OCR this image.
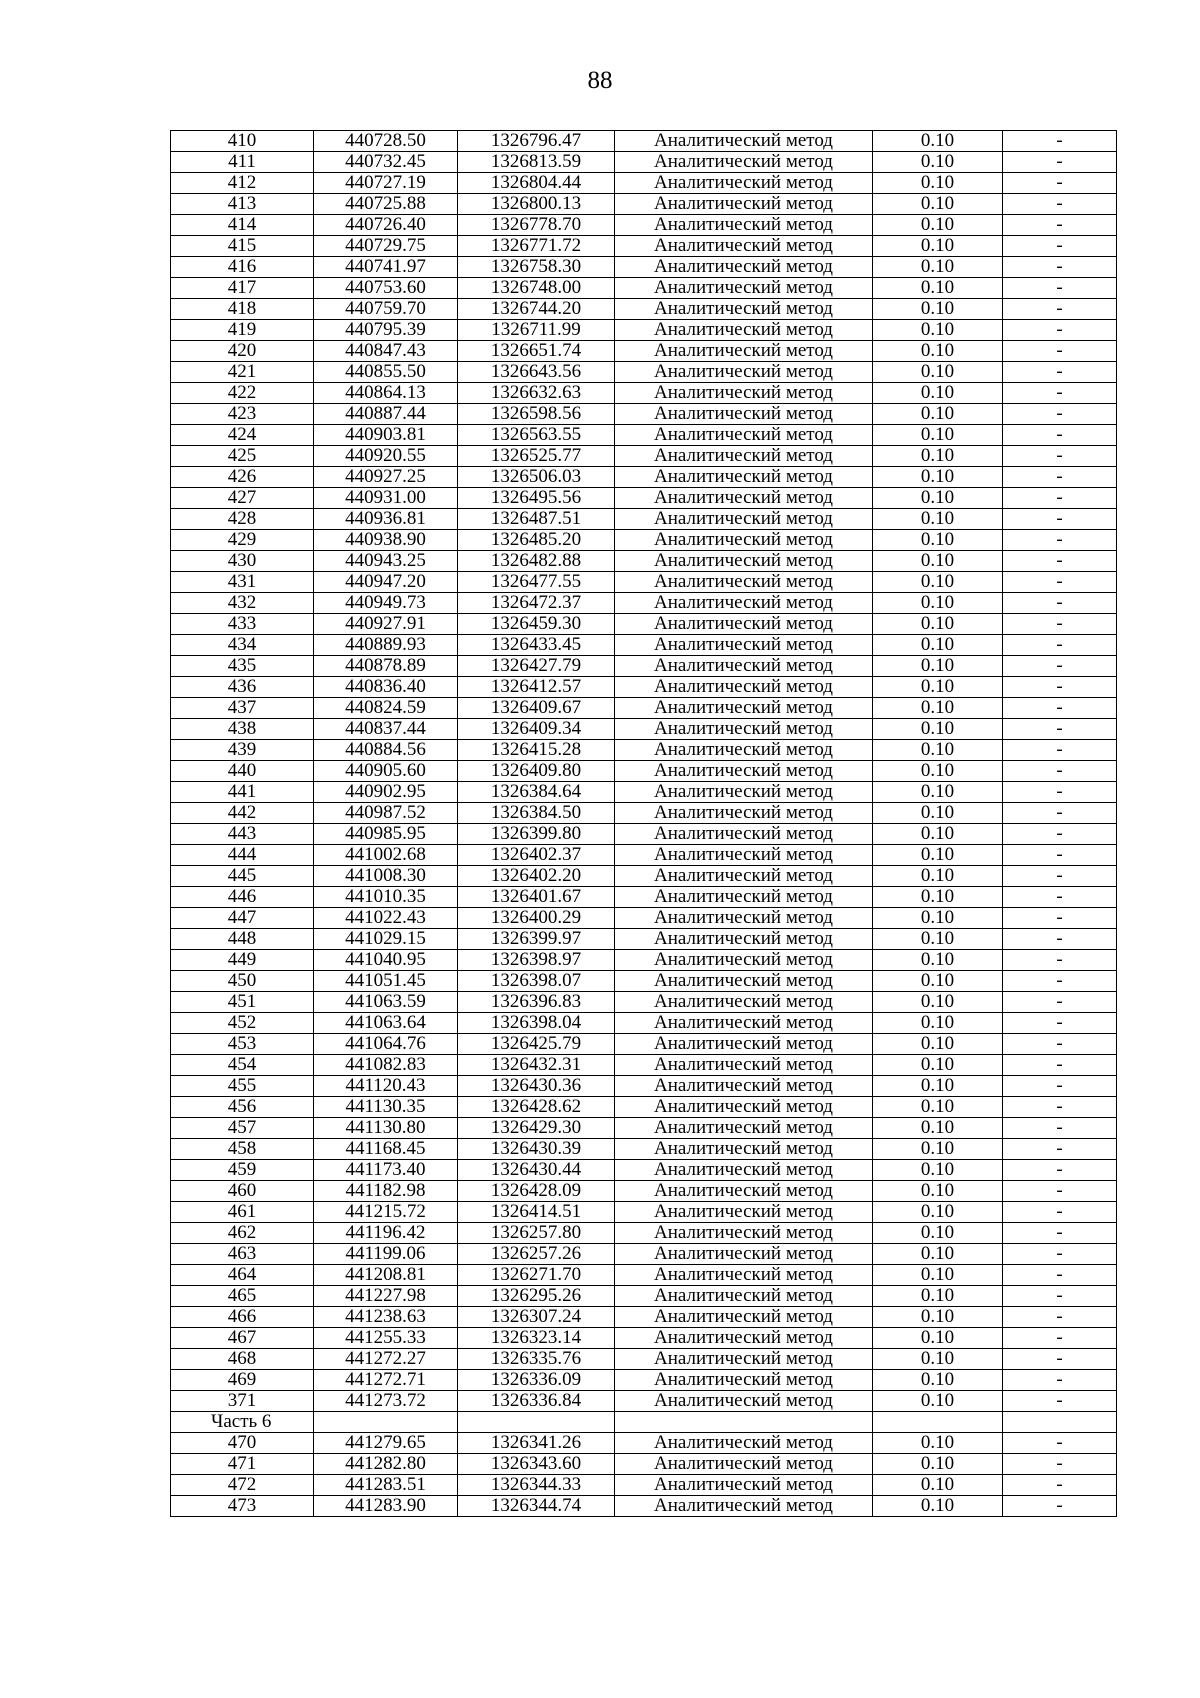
88
410	440728.50	1326796.47	Аналитический метод	0.10	-
411	440732.45	1326813.59	Аналитический метод	0.10	-
412	440727.19	1326804.44	Аналитический метод	0.10	-
413	440725.88	1326800.13	Аналитический метод	0.10	-
414	440726.40	1326778.70	Аналитический метод	0.10	-
415	440729.75	1326771.72	Аналитический метод	0.10	-
416	440741.97	1326758.30	Аналитический метод	0.10	-
417	440753.60	1326748.00	Аналитический метод	0.10	-
418	440759.70	1326744.20	Аналитический метод	0.10	-
419	440795.39	1326711.99	Аналитический метод	0.10	-
420	440847.43	1326651.74	Аналитический метод	0.10	-
421	440855.50	1326643.56	Аналитический метод	0.10	-
422	440864.13	1326632.63	Аналитический метод	0.10	-
423	440887.44	1326598.56	Аналитический метод	0.10	-
424	440903.81	1326563.55	Аналитический метод	0.10	-
425	440920.55	1326525.77	Аналитический метод	0.10	-
426	440927.25	1326506.03	Аналитический метод	0.10	-
427	440931.00	1326495.56	Аналитический метод	0.10	-
428	440936.81	1326487.51	Аналитический метод	0.10	-
429	440938.90	1326485.20	Аналитический метод	0.10	-
430	440943.25	1326482.88	Аналитический метод	0.10	-
431	440947.20	1326477.55	Аналитический метод	0.10	-
432	440949.73	1326472.37	Аналитический метод	0.10	-
433	440927.91	1326459.30	Аналитический метод	0.10	-
434	440889.93	1326433.45	Аналитический метод	0.10	-
435	440878.89	1326427.79	Аналитический метод	0.10	-
436	440836.40	1326412.57	Аналитический метод	0.10	-
437	440824.59	1326409.67	Аналитический метод	0.10	-
438	440837.44	1326409.34	Аналитический метод	0.10	-
439	440884.56	1326415.28	Аналитический метод	0.10	-
440	440905.60	1326409.80	Аналитический метод	0.10	-
441	440902.95	1326384.64	Аналитический метод	0.10	-
442	440987.52	1326384.50	Аналитический метод	0.10	-
443	440985.95	1326399.80	Аналитический метод	0.10	-
444	441002.68	1326402.37	Аналитический метод	0.10	-
445	441008.30	1326402.20	Аналитический метод	0.10	-
446	441010.35	1326401.67	Аналитический метод	0.10	-
447	441022.43	1326400.29	Аналитический метод	0.10	-
448	441029.15	1326399.97	Аналитический метод	0.10	-
449	441040.95	1326398.97	Аналитический метод	0.10	-
450	441051.45	1326398.07	Аналитический метод	0.10	-
451	441063.59	1326396.83	Аналитический метод	0.10	-
452	441063.64	1326398.04	Аналитический метод	0.10	-
453	441064.76	1326425.79	Аналитический метод	0.10	-
454	441082.83	1326432.31	Аналитический метод	0.10	-
455	441120.43	1326430.36	Аналитический метод	0.10	-
456	441130.35	1326428.62	Аналитический метод	0.10	-
457	441130.80	1326429.30	Аналитический метод	0.10	-
458	441168.45	1326430.39	Аналитический метод	0.10	-
459	441173.40	1326430.44	Аналитический метод	0.10	-
460	441182.98	1326428.09	Аналитический метод	0.10	-
461	441215.72	1326414.51	Аналитический метод	0.10	-
462	441196.42	1326257.80	Аналитический метод	0.10	-
463	441199.06	1326257.26	Аналитический метод	0.10	-
464	441208.81	1326271.70	Аналитический метод	0.10	-
465	441227.98	1326295.26	Аналитический метод	0.10	-
466	441238.63	1326307.24	Аналитический метод	0.10	-
467	441255.33	1326323.14	Аналитический метод	0.10	-
468	441272.27	1326335.76	Аналитический метод	0.10	-
469	441272.71	1326336.09	Аналитический метод	0.10	-
371	441273.72	1326336.84	Аналитический метод	0.10	-
Часть 6					
470	441279.65	1326341.26	Аналитический метод	0.10	-
471	441282.80	1326343.60	Аналитический метод	0.10	-
472	441283.51	1326344.33	Аналитический метод	0.10	-
473	441283.90	1326344.74	Аналитический метод	0.10	-
